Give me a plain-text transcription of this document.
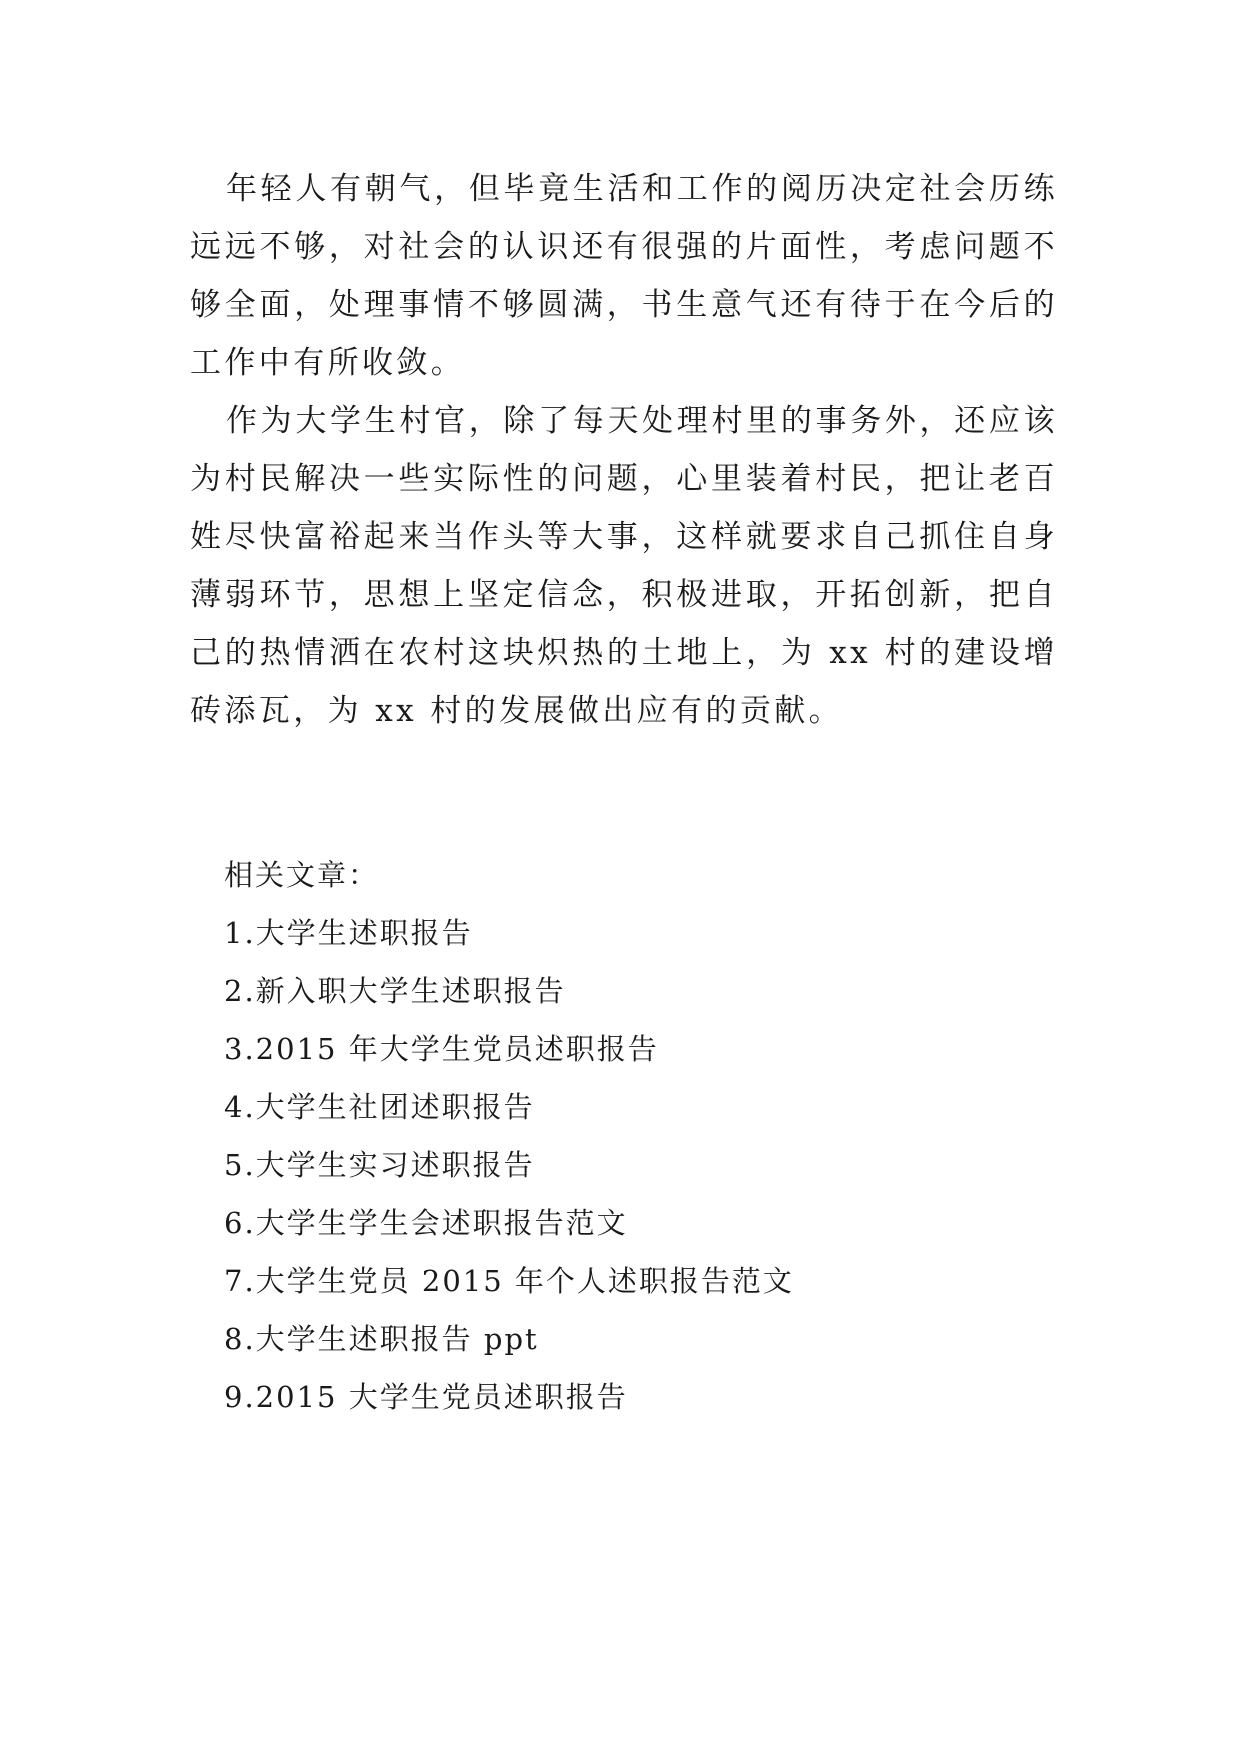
年轻人有朝气，但毕竟生活和工作的阅历决定社会历练远远不够，对社会的认识还有很强的片面性，考虑问题不够全面，处理事情不够圆满，书生意气还有待于在今后的工作中有所收敛。

作为大学生村官，除了每天处理村里的事务外，还应该为村民解决一些实际性的问题，心里装着村民，把让老百姓尽快富裕起来当作头等大事，这样就要求自己抓住自身薄弱环节，思想上坚定信念，积极进取，开拓创新，把自己的热情洒在农村这块炽热的土地上，为 xx 村的建设增砖添瓦，为 xx 村的发展做出应有的贡献。

相关文章：

1.大学生述职报告
2.新入职大学生述职报告
3.2015 年大学生党员述职报告
4.大学生社团述职报告
5.大学生实习述职报告
6.大学生学生会述职报告范文
7.大学生党员 2015 年个人述职报告范文
8.大学生述职报告 ppt
9.2015 大学生党员述职报告
